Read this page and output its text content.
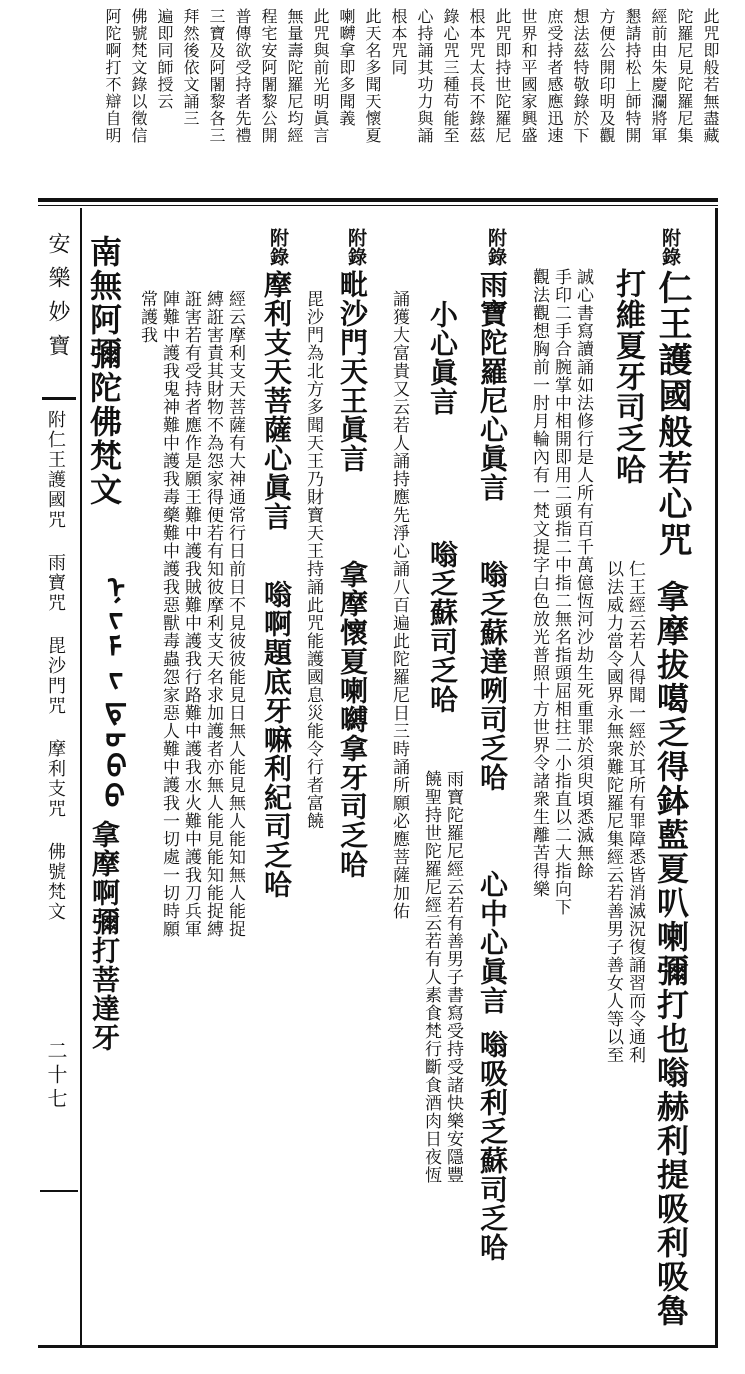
此咒即般若無盡藏
陀羅尼見陀羅尼集
經前由朱慶瀾將軍
懇請持松上師特開
方便公開印明及觀
想法茲特敬錄於下
庶受持者感應迅速
世界和平國家興盛
此咒即持世陀羅尼
根本咒太長不錄茲
錄心咒三種苟能至
心持誦其功力與誦
根本咒同
此天名多聞天懷夏
喇嚩拿即多聞義
此咒與前光明眞言
無量壽陀羅尼均經
程宅安阿闍黎公開
普傳欲受持者先禮
三寶及阿闍黎各三
拜然後依文誦三
遍即同師授云
佛號梵文錄以徵信
阿陀啊打不辯自明
安樂妙寶
附仁王護國咒 雨寶咒 毘沙門咒 摩利支咒 佛號梵文
二十七
附錄
仁王護國般若心咒
拿摩拔噶乏得鉢藍夏叭喇彌打也嗡赫利提吸利吸魯
打維夏牙司乏哈
仁王經云若人得聞一經於耳所有罪障悉皆消滅況復誦習而令通利
以法威力當令國界永無衆難陀羅尼集經云若善男子善女人等以至
誠心書寫讀誦如法修行是人所有百千萬億恆河沙劫生死重罪於須臾頃悉滅無餘
手印二手合腕掌中相開即用二頭指二中指二無名指頭屈相拄二小指直以二大指向下
觀法觀想胸前一肘月輪內有一梵文提字白色放光普照十方世界令諸衆生離苦得樂
附錄
雨寶陀羅尼心眞言
嗡乏蘇達咧司乏哈
心中心眞言
嗡吸利乏蘇司乏哈
小心眞言
嗡乏蘇司乏哈
雨寶陀羅尼經云若有善男子書寫受持受諸快樂安隱豐
饒聖持世陀羅尼經云若有人素食梵行斷食酒肉日夜恆
誦獲大富貴又云若人誦持應先淨心誦八百遍此陀羅尼日三時誦所願必應菩薩加佑
附錄
毗沙門天王眞言
拿摩懷夏喇嚩拿牙司乏哈
毘沙門為北方多聞天王乃財寶天王持誦此咒能護國息災能令行者富饒
附錄
摩利支天菩薩心眞言
嗡啊題底牙嘛利紀司乏哈
經云摩利支天菩薩有大神通常行日前日不見彼彼能見日無人能見無人能知無人能捉
縛誑害責其財物不為怨家得便若有知彼摩利支天名求加護者亦無人能見能知能捉縛
誑害若有受持者應作是願王難中護我賊難中護我行路難中護我水火難中護我刀兵軍
陣難中護我鬼神難中護我毒藥難中護我惡獸毒蟲怨家惡人難中護我一切處一切時願
常護我
南無阿彌陀佛梵文
ᠨᡳᠮᡳᡨᠣᠪᠣ
拿摩啊彌打菩達牙
